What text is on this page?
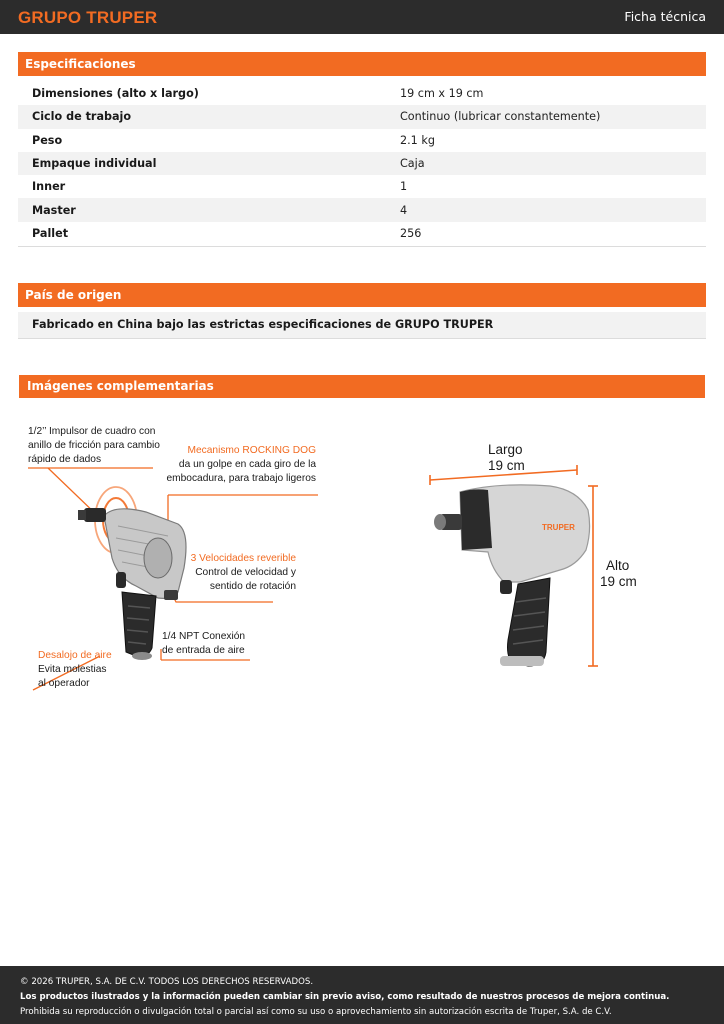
GRUPO TRUPER	Ficha técnica
Especificaciones
Dimensiones (alto x largo)	19 cm x 19 cm
Ciclo de trabajo	Continuo (lubricar constantemente)
Peso	2.1 kg
Empaque individual	Caja
Inner	1
Master	4
Pallet	256
País de origen
Fabricado en China bajo las estrictas especificaciones de GRUPO TRUPER
Imágenes complementarias
1/2’’ Impulsor de cuadro con
anillo de fricción para cambio
rápido de dados
Mecanismo ROCKING DOG
da un golpe en cada giro de la
embocadura, para trabajo ligeros
3 Velocidades reverible
Control de velocidad y
sentido de rotación
1/4 NPT Conexión
de entrada de aire
Desalojo de aire
Evita molestias
al operador
TRUPER
Largo
19 cm
Alto
19 cm
© 2026 TRUPER, S.A. DE C.V. TODOS LOS DERECHOS RESERVADOS.
Los productos ilustrados y la información pueden cambiar sin previo aviso, como resultado de nuestros procesos de mejora continua.
Prohibida su reproducción o divulgación total o parcial así como su uso o aprovechamiento sin autorización escrita de Truper, S.A. de C.V.
